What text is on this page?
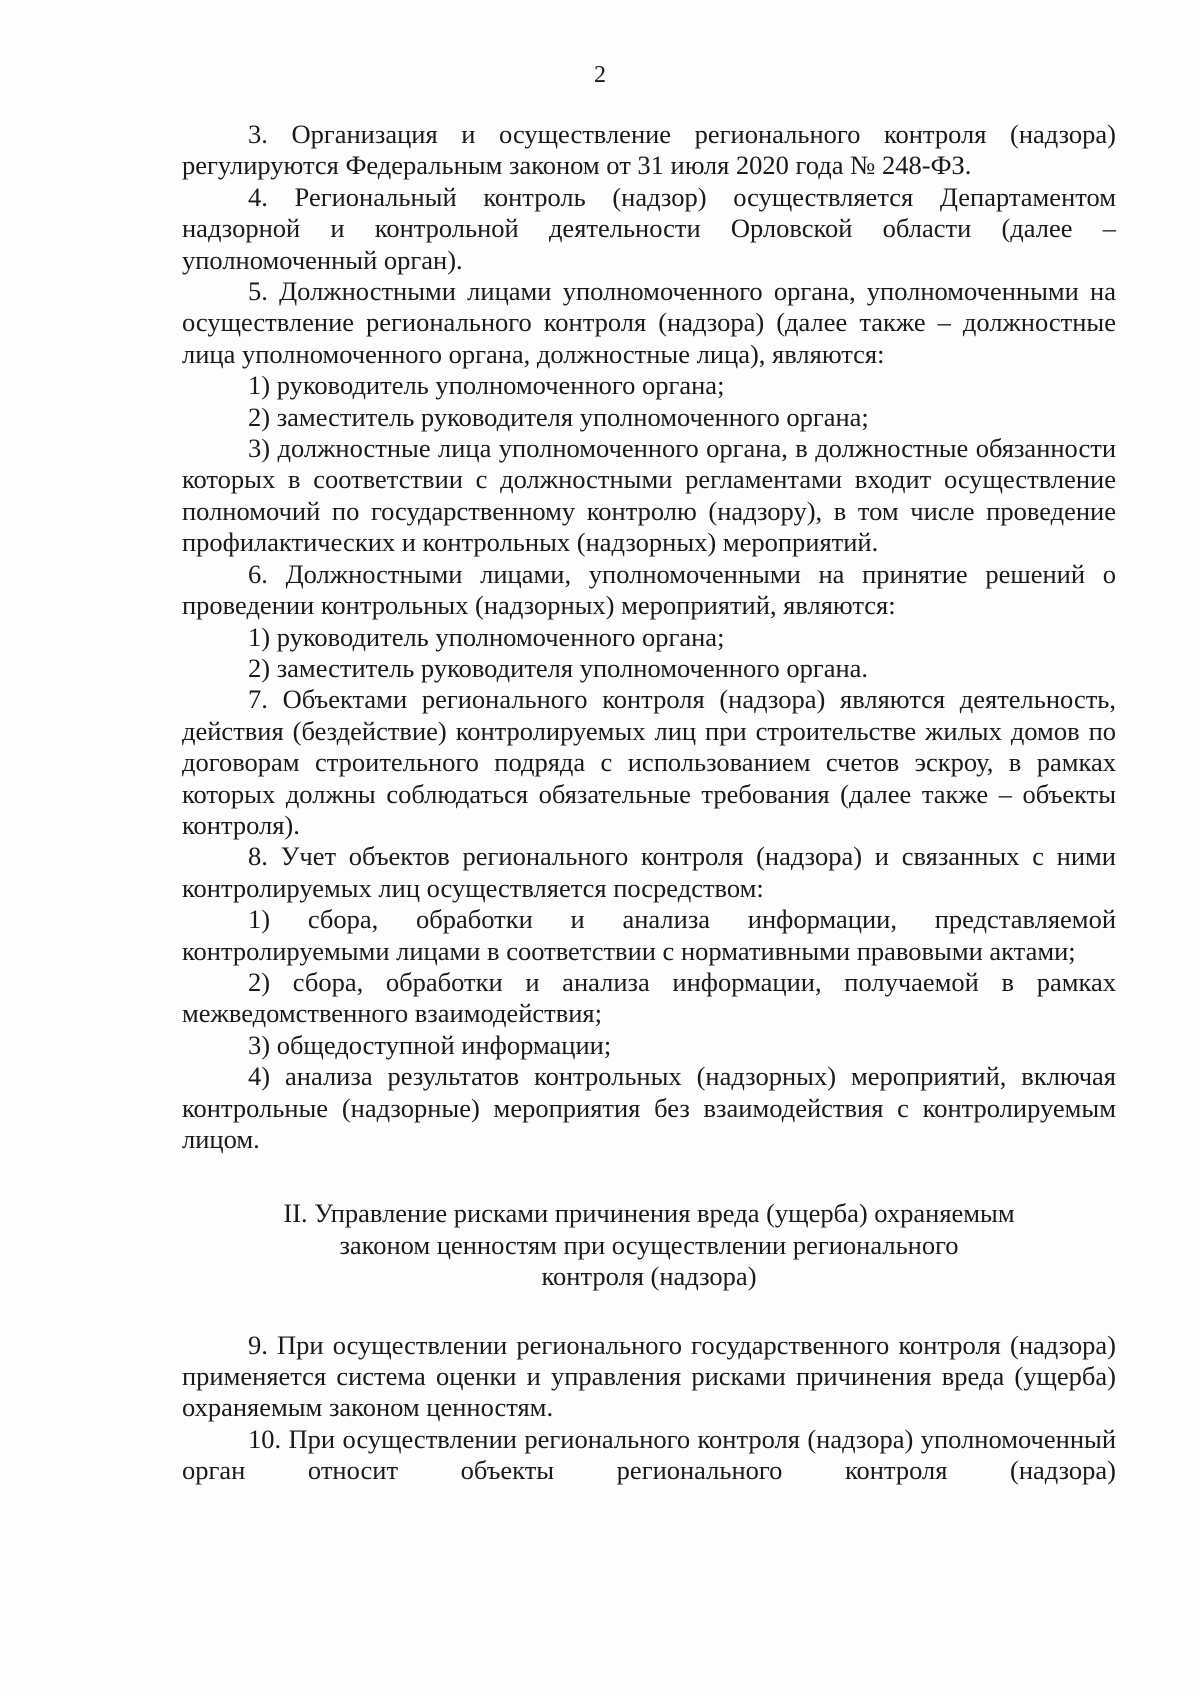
2

3. Организация и осуществление регионального контроля (надзора) регулируются Федеральным законом от 31 июля 2020 года № 248-ФЗ.

4. Региональный контроль (надзор) осуществляется Департаментом надзорной и контрольной деятельности Орловской области (далее – уполномоченный орган).

5. Должностными лицами уполномоченного органа, уполномоченными на осуществление регионального контроля (надзора) (далее также – должностные лица уполномоченного органа, должностные лица), являются:

1) руководитель уполномоченного органа;

2) заместитель руководителя уполномоченного органа;

3) должностные лица уполномоченного органа, в должностные обязанности которых в соответствии с должностными регламентами входит осуществление полномочий по государственному контролю (надзору), в том числе проведение профилактических и контрольных (надзорных) мероприятий.

6. Должностными лицами, уполномоченными на принятие решений о проведении контрольных (надзорных) мероприятий, являются:

1) руководитель уполномоченного органа;

2) заместитель руководителя уполномоченного органа.

7. Объектами регионального контроля (надзора) являются деятельность, действия (бездействие) контролируемых лиц при строительстве жилых домов по договорам строительного подряда с использованием счетов эскроу, в рамках которых должны соблюдаться обязательные требования (далее также – объекты контроля).

8. Учет объектов регионального контроля (надзора) и связанных с ними контролируемых лиц осуществляется посредством:

1) сбора, обработки и анализа информации, представляемой контролируемыми лицами в соответствии с нормативными правовыми актами;

2) сбора, обработки и анализа информации, получаемой в рамках межведомственного взаимодействия;

3) общедоступной информации;

4) анализа результатов контрольных (надзорных) мероприятий, включая контрольные (надзорные) мероприятия без взаимодействия с контролируемым лицом.

II. Управление рисками причинения вреда (ущерба) охраняемым
законом ценностям при осуществлении регионального
контроля (надзора)

9. При осуществлении регионального государственного контроля (надзора) применяется система оценки и управления рисками причинения вреда (ущерба) охраняемым законом ценностям.

10. При осуществлении регионального контроля (надзора) уполномоченный орган относит объекты регионального контроля (надзора)
